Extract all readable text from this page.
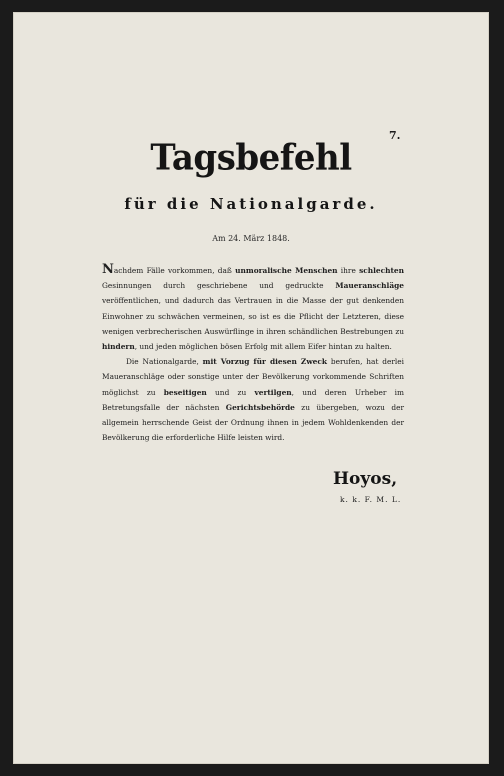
7.
Tagsbefehl
für die Nationalgarde.
Am 24. März 1848.

Nachdem Fälle vorkommen, daß unmoralische Menschen ihre schlechten Gesinnungen durch geschriebene und gedruckte Maueranschläge veröffentlichen, und dadurch das Vertrauen in die Masse der gut denkenden Einwohner zu schwächen vermeinen, so ist es die Pflicht der Letzteren, diese wenigen verbrecherischen Auswürflinge in ihren schändlichen Bestrebungen zu hindern, und jeden möglichen bösen Erfolg mit allem Eifer hintan zu halten.

Die Nationalgarde, mit Vorzug für diesen Zweck berufen, hat derlei Maueranschläge oder sonstige unter der Bevölkerung vorkommende Schriften möglichst zu beseitigen und zu vertilgen, und deren Urheber im Betretungsfalle der nächsten Gerichtsbehörde zu übergeben, wozu der allgemein herrschende Geist der Ordnung ihnen in jedem Wohldenkenden der Bevölkerung die erforderliche Hilfe leisten wird.

Hoyos,
k. k. F. M. L.
